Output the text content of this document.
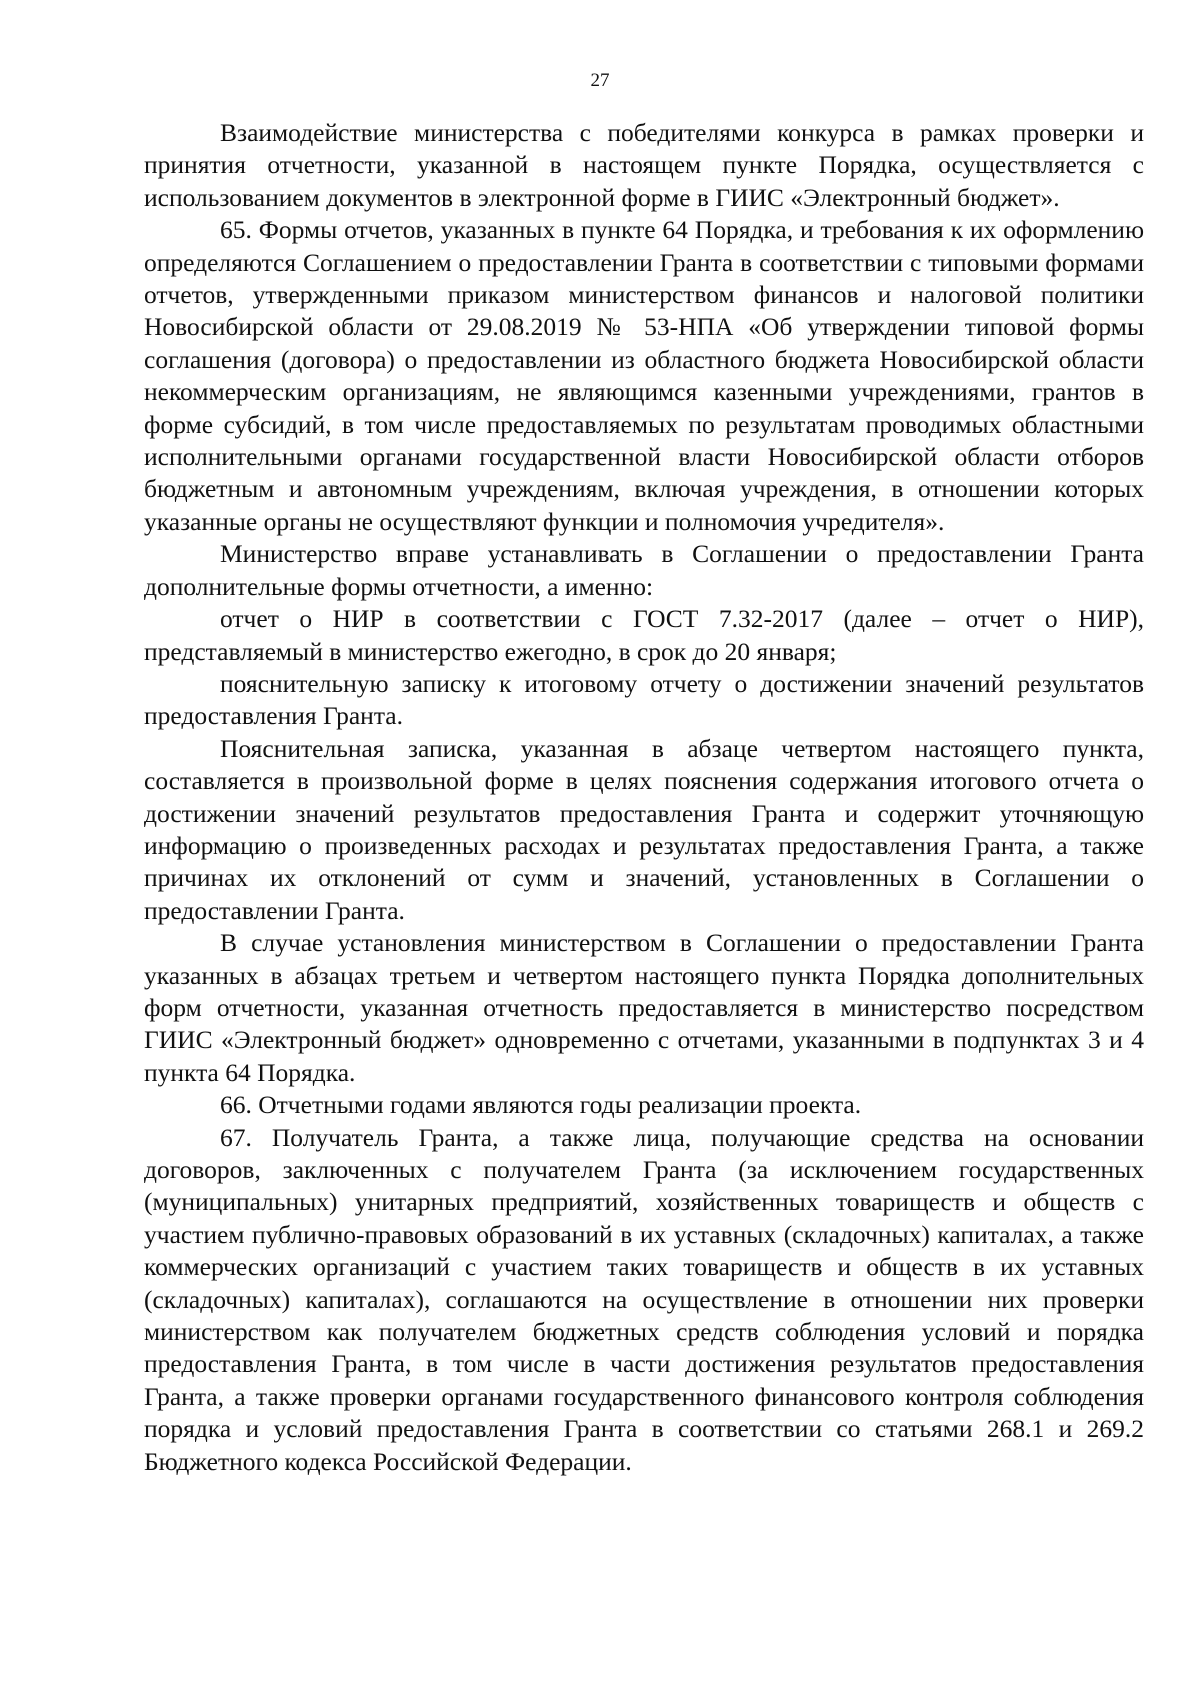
27

Взаимодействие министерства с победителями конкурса в рамках проверки и принятия отчетности, указанной в настоящем пункте Порядка, осуществляется с использованием документов в электронной форме в ГИИС «Электронный бюджет».

65. Формы отчетов, указанных в пункте 64 Порядка, и требования к их оформлению определяются Соглашением о предоставлении Гранта в соответствии с типовыми формами отчетов, утвержденными приказом министерством финансов и налоговой политики Новосибирской области от 29.08.2019 № 53-НПА «Об утверждении типовой формы соглашения (договора) о предоставлении из областного бюджета Новосибирской области некоммерческим организациям, не являющимся казенными учреждениями, грантов в форме субсидий, в том числе предоставляемых по результатам проводимых областными исполнительными органами государственной власти Новосибирской области отборов бюджетным и автономным учреждениям, включая учреждения, в отношении которых указанные органы не осуществляют функции и полномочия учредителя».

Министерство вправе устанавливать в Соглашении о предоставлении Гранта дополнительные формы отчетности, а именно:

отчет о НИР в соответствии с ГОСТ 7.32-2017 (далее – отчет о НИР), представляемый в министерство ежегодно, в срок до 20 января;

пояснительную записку к итоговому отчету о достижении значений результатов предоставления Гранта.

Пояснительная записка, указанная в абзаце четвертом настоящего пункта, составляется в произвольной форме в целях пояснения содержания итогового отчета о достижении значений результатов предоставления Гранта и содержит уточняющую информацию о произведенных расходах и результатах предоставления Гранта, а также причинах их отклонений от сумм и значений, установленных в Соглашении о предоставлении Гранта.

В случае установления министерством в Соглашении о предоставлении Гранта указанных в абзацах третьем и четвертом настоящего пункта Порядка дополнительных форм отчетности, указанная отчетность предоставляется в министерство посредством ГИИС «Электронный бюджет» одновременно с отчетами, указанными в подпунктах 3 и 4 пункта 64 Порядка.

66. Отчетными годами являются годы реализации проекта.

67. Получатель Гранта, а также лица, получающие средства на основании договоров, заключенных с получателем Гранта (за исключением государственных (муниципальных) унитарных предприятий, хозяйственных товариществ и обществ с участием публично-правовых образований в их уставных (складочных) капиталах, а также коммерческих организаций с участием таких товариществ и обществ в их уставных (складочных) капиталах), соглашаются на осуществление в отношении них проверки министерством как получателем бюджетных средств соблюдения условий и порядка предоставления Гранта, в том числе в части достижения результатов предоставления Гранта, а также проверки органами государственного финансового контроля соблюдения порядка и условий предоставления Гранта в соответствии со статьями 268.1 и 269.2 Бюджетного кодекса Российской Федерации.
